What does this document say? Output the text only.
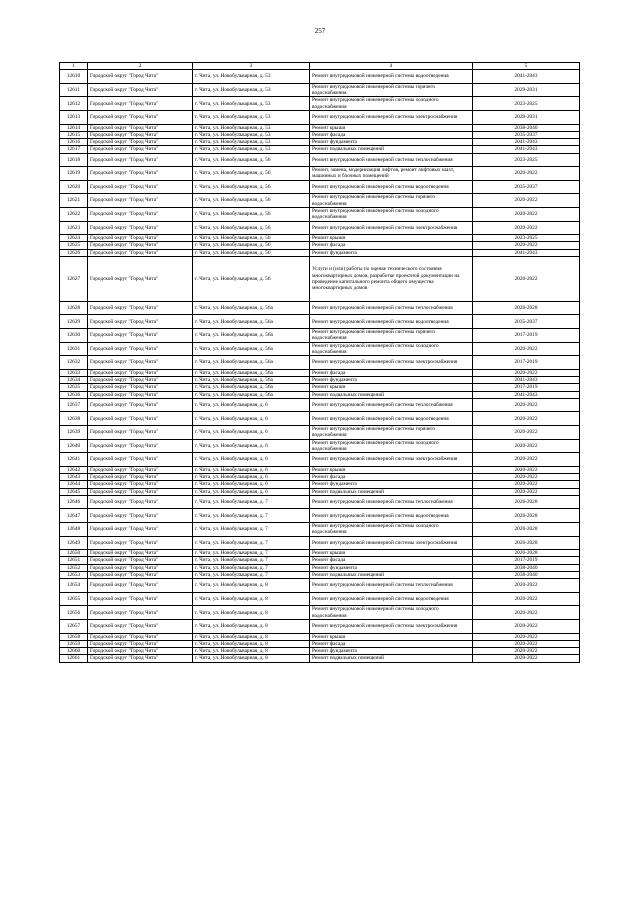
257
1	2	3	4	5
12610	Городской округ "Город Чита"	г. Чита, ул. Новобульварная, д. 53	Ремонт внутридомовой инженерной системы водоотведения	2041-2043
12611	Городской округ "Город Чита"	г. Чита, ул. Новобульварная, д. 53	Ремонт внутридомовой инженерной системы горячего водоснабжения	2029-2031
12612	Городской округ "Город Чита"	г. Чита, ул. Новобульварная, д. 53	Ремонт внутридомовой инженерной системы холодного водоснабжения	2023-2025
12613	Городской округ "Город Чита"	г. Чита, ул. Новобульварная, д. 53	Ремонт внутридомовой инженерной системы электроснабжения	2029-2031
12614	Городской округ "Город Чита"	г. Чита, ул. Новобульварная, д. 53	Ремонт крыши	2038-2040
12615	Городской округ "Город Чита"	г. Чита, ул. Новобульварная, д. 53	Ремонт фасада	2035-2037
12616	Городской округ "Город Чита"	г. Чита, ул. Новобульварная, д. 53	Ремонт фундамента	2041-2043
12617	Городской округ "Город Чита"	г. Чита, ул. Новобульварная, д. 53	Ремонт подвальных помещений	2041-2043
12618	Городской округ "Город Чита"	г. Чита, ул. Новобульварная, д. 56	Ремонт внутридомовой инженерной системы теплоснабжения	2023-2025
12619	Городской округ "Город Чита"	г. Чита, ул. Новобульварная, д. 56	Ремонт, замена, модернизация лифтов, ремонт лифтовых шахт, машинных и блочных помещений	2020-2022
12620	Городской округ "Город Чита"	г. Чита, ул. Новобульварная, д. 56	Ремонт внутридомовой инженерной системы водоотведения	2035-2037
12621	Городской округ "Город Чита"	г. Чита, ул. Новобульварная, д. 56	Ремонт внутридомовой инженерной системы горячего водоснабжения	2020-2022
12622	Городской округ "Город Чита"	г. Чита, ул. Новобульварная, д. 56	Ремонт внутридомовой инженерной системы холодного водоснабжения	2020-2022
12623	Городской округ "Город Чита"	г. Чита, ул. Новобульварная, д. 56	Ремонт внутридомовой инженерной системы электроснабжения	2020-2022
12624	Городской округ "Город Чита"	г. Чита, ул. Новобульварная, д. 56	Ремонт крыши	2023-2025
12625	Городской округ "Город Чита"	г. Чита, ул. Новобульварная, д. 56	Ремонт фасада	2020-2022
12626	Городской округ "Город Чита"	г. Чита, ул. Новобульварная, д. 56	Ремонт фундамента	2041-2043
12627	Городской округ "Город Чита"	г. Чита, ул. Новобульварная, д. 56	Услуги и (или) работы по оценке технического состояния многоквартирных домов, разработке проектной документации на проведение капитального ремонта общего имущества многоквартирных домов	2020-2022
12628	Городской округ "Город Чита"	г. Чита, ул. Новобульварная, д. 56а	Ремонт внутридомовой инженерной системы теплоснабжения	2026-2028
12629	Городской округ "Город Чита"	г. Чита, ул. Новобульварная, д. 56а	Ремонт внутридомовой инженерной системы водоотведения	2035-2037
12630	Городской округ "Город Чита"	г. Чита, ул. Новобульварная, д. 56а	Ремонт внутридомовой инженерной системы горячего водоснабжения	2017-2019
12631	Городской округ "Город Чита"	г. Чита, ул. Новобульварная, д. 56а	Ремонт внутридомовой инженерной системы холодного водоснабжения	2020-2022
12632	Городской округ "Город Чита"	г. Чита, ул. Новобульварная, д. 56а	Ремонт внутридомовой инженерной системы электроснабжения	2017-2019
12633	Городской округ "Город Чита"	г. Чита, ул. Новобульварная, д. 56а	Ремонт фасада	2020-2022
12634	Городской округ "Город Чита"	г. Чита, ул. Новобульварная, д. 56а	Ремонт фундамента	2041-2043
12635	Городской округ "Город Чита"	г. Чита, ул. Новобульварная, д. 56а	Ремонт крыши	2017-2019
12636	Городской округ "Город Чита"	г. Чита, ул. Новобульварная, д. 56а	Ремонт подвальных помещений	2041-2043
12637	Городской округ "Город Чита"	г. Чита, ул. Новобульварная, д. 6	Ремонт внутридомовой инженерной системы теплоснабжения	2020-2022
12638	Городской округ "Город Чита"	г. Чита, ул. Новобульварная, д. 6	Ремонт внутридомовой инженерной системы водоотведения	2020-2022
12639	Городской округ "Город Чита"	г. Чита, ул. Новобульварная, д. 6	Ремонт внутридомовой инженерной системы горячего водоснабжения	2020-2022
12640	Городской округ "Город Чита"	г. Чита, ул. Новобульварная, д. 6	Ремонт внутридомовой инженерной системы холодного водоснабжения	2020-2022
12641	Городской округ "Город Чита"	г. Чита, ул. Новобульварная, д. 6	Ремонт внутридомовой инженерной системы электроснабжения	2020-2022
12642	Городской округ "Город Чита"	г. Чита, ул. Новобульварная, д. 6	Ремонт крыши	2020-2022
12643	Городской округ "Город Чита"	г. Чита, ул. Новобульварная, д. 6	Ремонт фасада	2020-2022
12644	Городской округ "Город Чита"	г. Чита, ул. Новобульварная, д. 6	Ремонт фундамента	2020-2022
12645	Городской округ "Город Чита"	г. Чита, ул. Новобульварная, д. 6	Ремонт подвальных помещений	2020-2022
12646	Городской округ "Город Чита"	г. Чита, ул. Новобульварная, д. 7	Ремонт внутридомовой инженерной системы теплоснабжения	2026-2028
12647	Городской округ "Город Чита"	г. Чита, ул. Новобульварная, д. 7	Ремонт внутридомовой инженерной системы водоотведения	2026-2028
12648	Городской округ "Город Чита"	г. Чита, ул. Новобульварная, д. 7	Ремонт внутридомовой инженерной системы холодного водоснабжения	2026-2028
12649	Городской округ "Город Чита"	г. Чита, ул. Новобульварная, д. 7	Ремонт внутридомовой инженерной системы электроснабжения	2026-2028
12650	Городской округ "Город Чита"	г. Чита, ул. Новобульварная, д. 7	Ремонт крыши	2026-2028
12651	Городской округ "Город Чита"	г. Чита, ул. Новобульварная, д. 7	Ремонт фасада	2017-2019
12652	Городской округ "Город Чита"	г. Чита, ул. Новобульварная, д. 7	Ремонт фундамента	2038-2040
12653	Городской округ "Город Чита"	г. Чита, ул. Новобульварная, д. 7	Ремонт подвальных помещений	2038-2040
12654	Городской округ "Город Чита"	г. Чита, ул. Новобульварная, д. 8	Ремонт внутридомовой инженерной системы теплоснабжения	2020-2022
12655	Городской округ "Город Чита"	г. Чита, ул. Новобульварная, д. 8	Ремонт внутридомовой инженерной системы водоотведения	2020-2022
12656	Городской округ "Город Чита"	г. Чита, ул. Новобульварная, д. 8	Ремонт внутридомовой инженерной системы холодного водоснабжения	2020-2022
12657	Городской округ "Город Чита"	г. Чита, ул. Новобульварная, д. 8	Ремонт внутридомовой инженерной системы электроснабжения	2020-2022
12658	Городской округ "Город Чита"	г. Чита, ул. Новобульварная, д. 8	Ремонт крыши	2020-2022
12659	Городской округ "Город Чита"	г. Чита, ул. Новобульварная, д. 8	Ремонт фасада	2020-2022
12660	Городской округ "Город Чита"	г. Чита, ул. Новобульварная, д. 8	Ремонт фундамента	2020-2022
12661	Городской округ "Город Чита"	г. Чита, ул. Новобульварная, д. 8	Ремонт подвальных помещений	2020-2022
